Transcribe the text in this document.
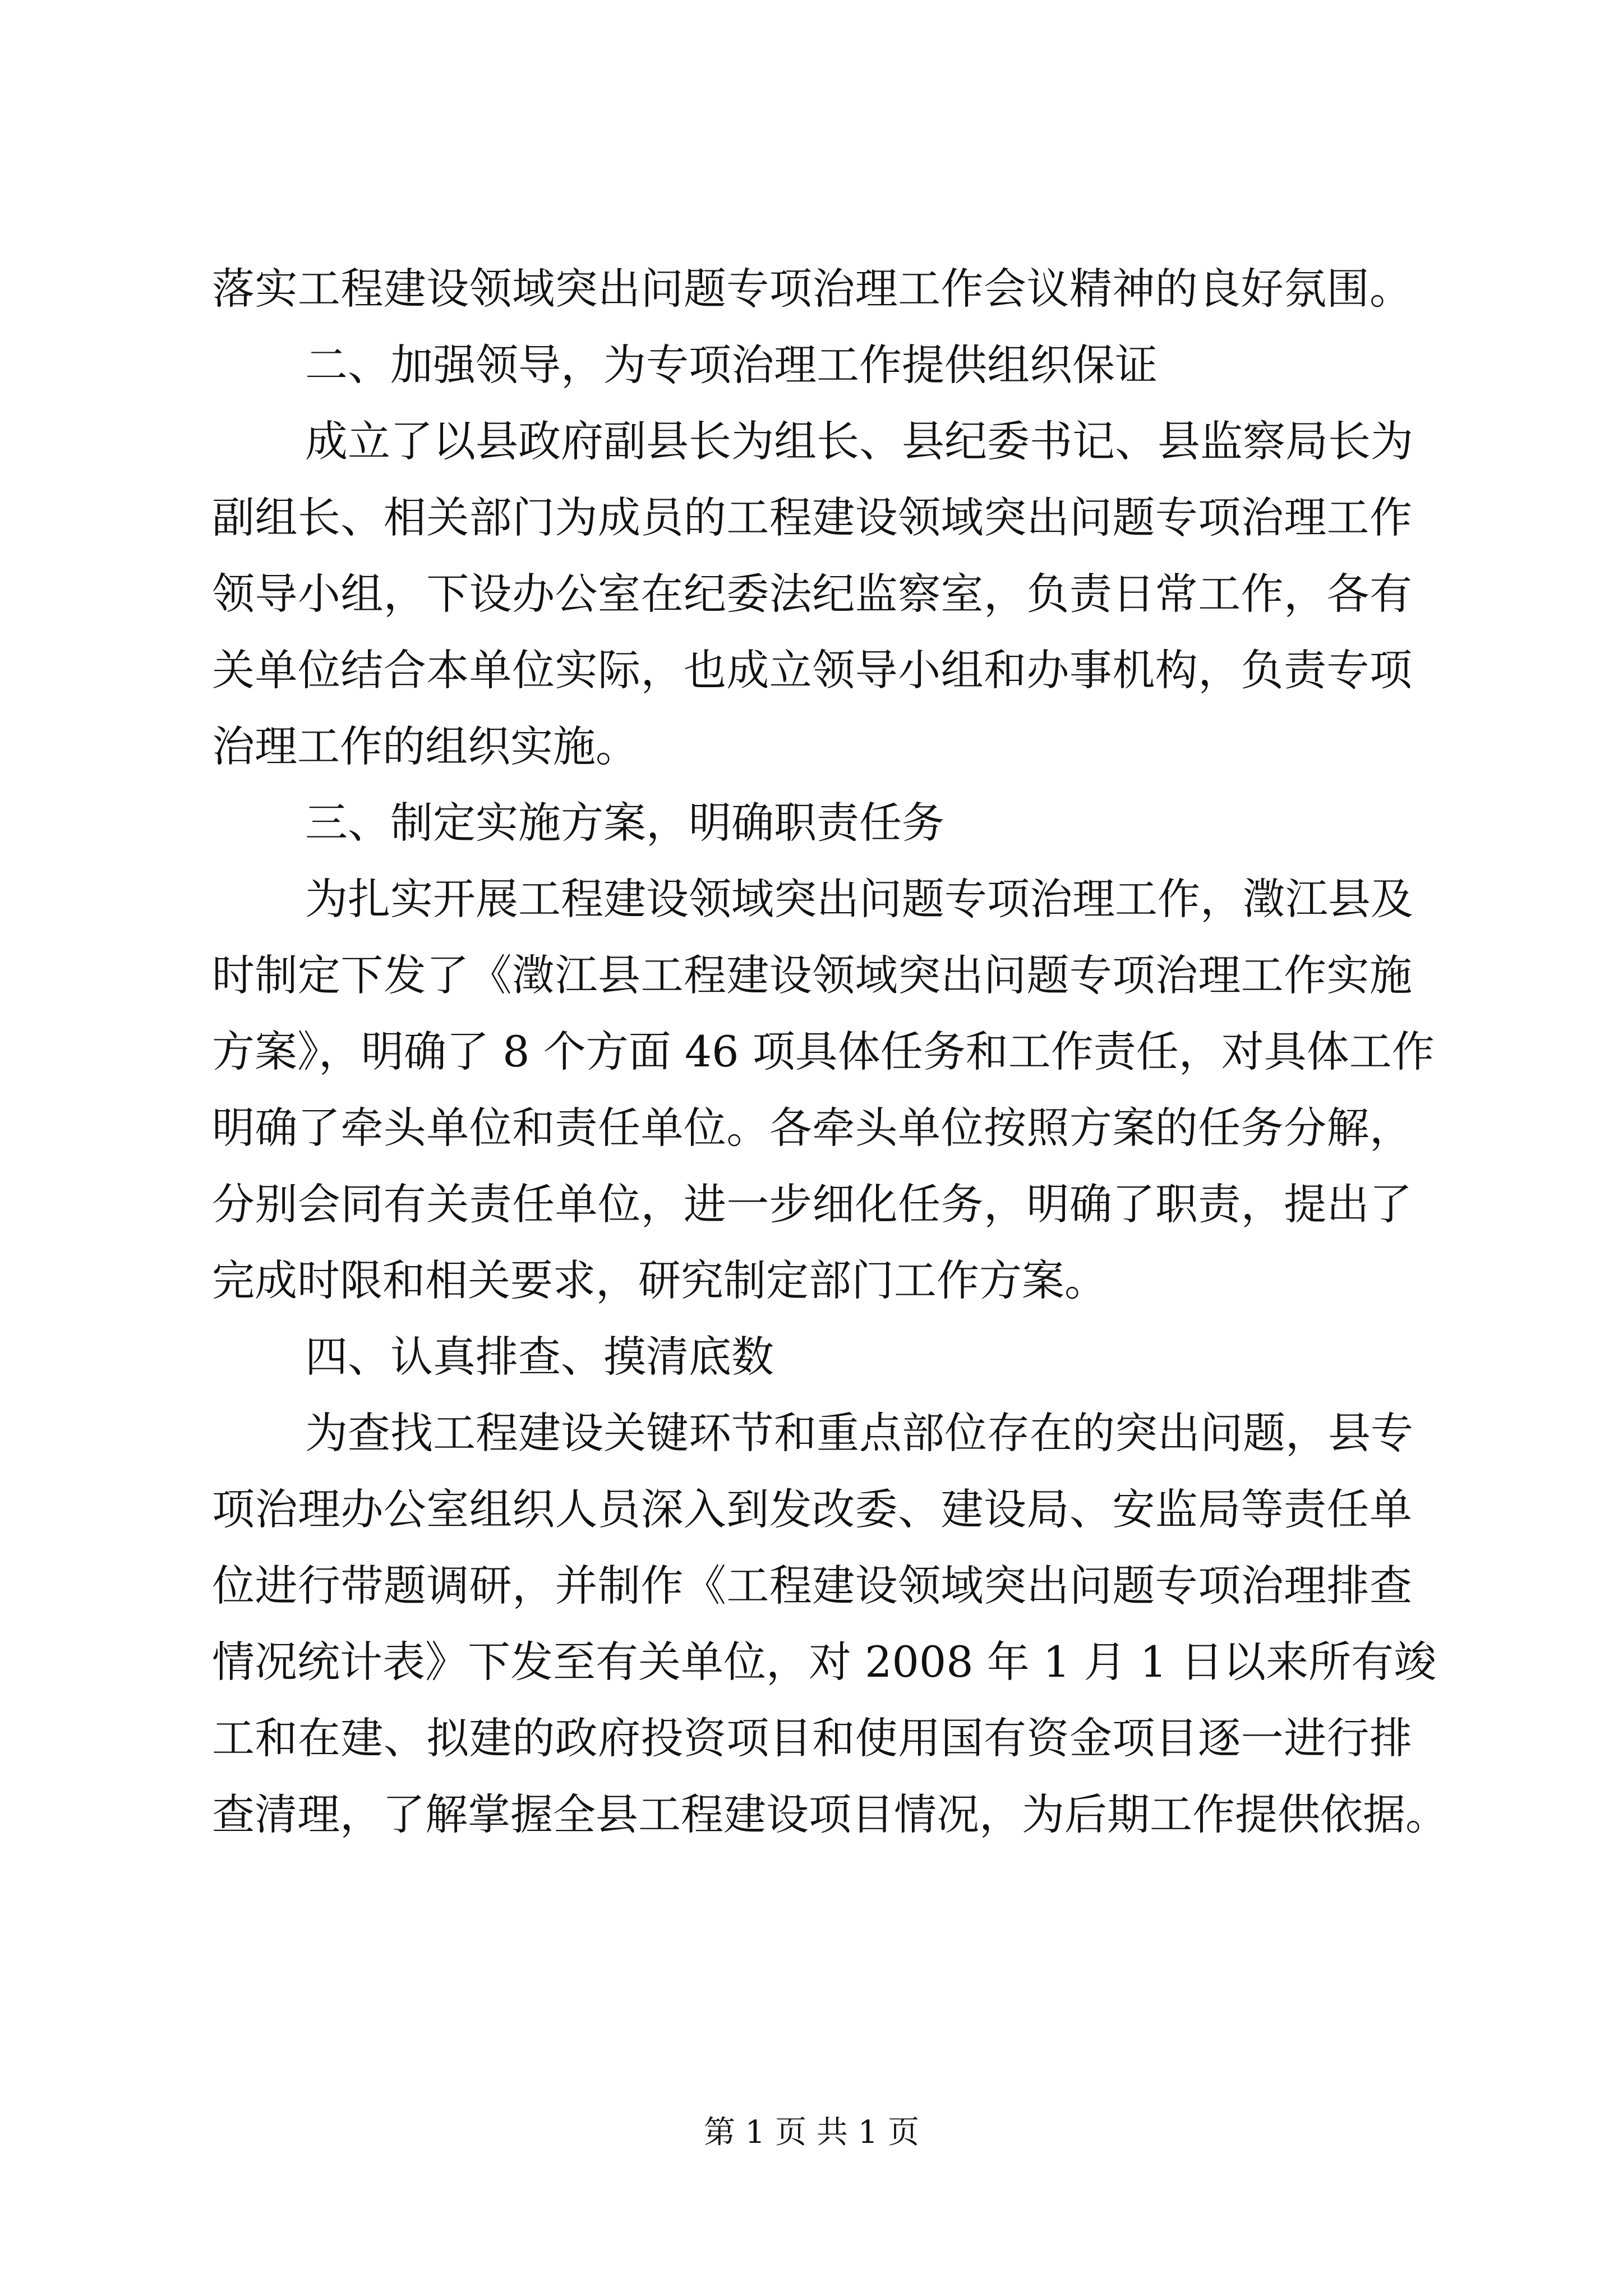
落实工程建设领域突出问题专项治理工作会议精神的良好氛围。
二、加强领导，为专项治理工作提供组织保证
成立了以县政府副县长为组长、县纪委书记、县监察局长为
副组长、相关部门为成员的工程建设领域突出问题专项治理工作
领导小组，下设办公室在纪委法纪监察室，负责日常工作，各有
关单位结合本单位实际，也成立领导小组和办事机构，负责专项
治理工作的组织实施。
三、制定实施方案，明确职责任务
为扎实开展工程建设领域突出问题专项治理工作，澂江县及
时制定下发了《澂江县工程建设领域突出问题专项治理工作实施
方案》，明确了 8 个方面 46 项具体任务和工作责任，对具体工作
明确了牵头单位和责任单位。各牵头单位按照方案的任务分解，
分别会同有关责任单位，进一步细化任务，明确了职责，提出了
完成时限和相关要求，研究制定部门工作方案。
四、认真排查、摸清底数
为查找工程建设关键环节和重点部位存在的突出问题，县专
项治理办公室组织人员深入到发改委、建设局、安监局等责任单
位进行带题调研，并制作《工程建设领域突出问题专项治理排查
情况统计表》下发至有关单位，对 2008 年 1 月 1 日以来所有竣
工和在建、拟建的政府投资项目和使用国有资金项目逐一进行排
查清理，了解掌握全县工程建设项目情况，为后期工作提供依据。
第 1 页 共 1 页
